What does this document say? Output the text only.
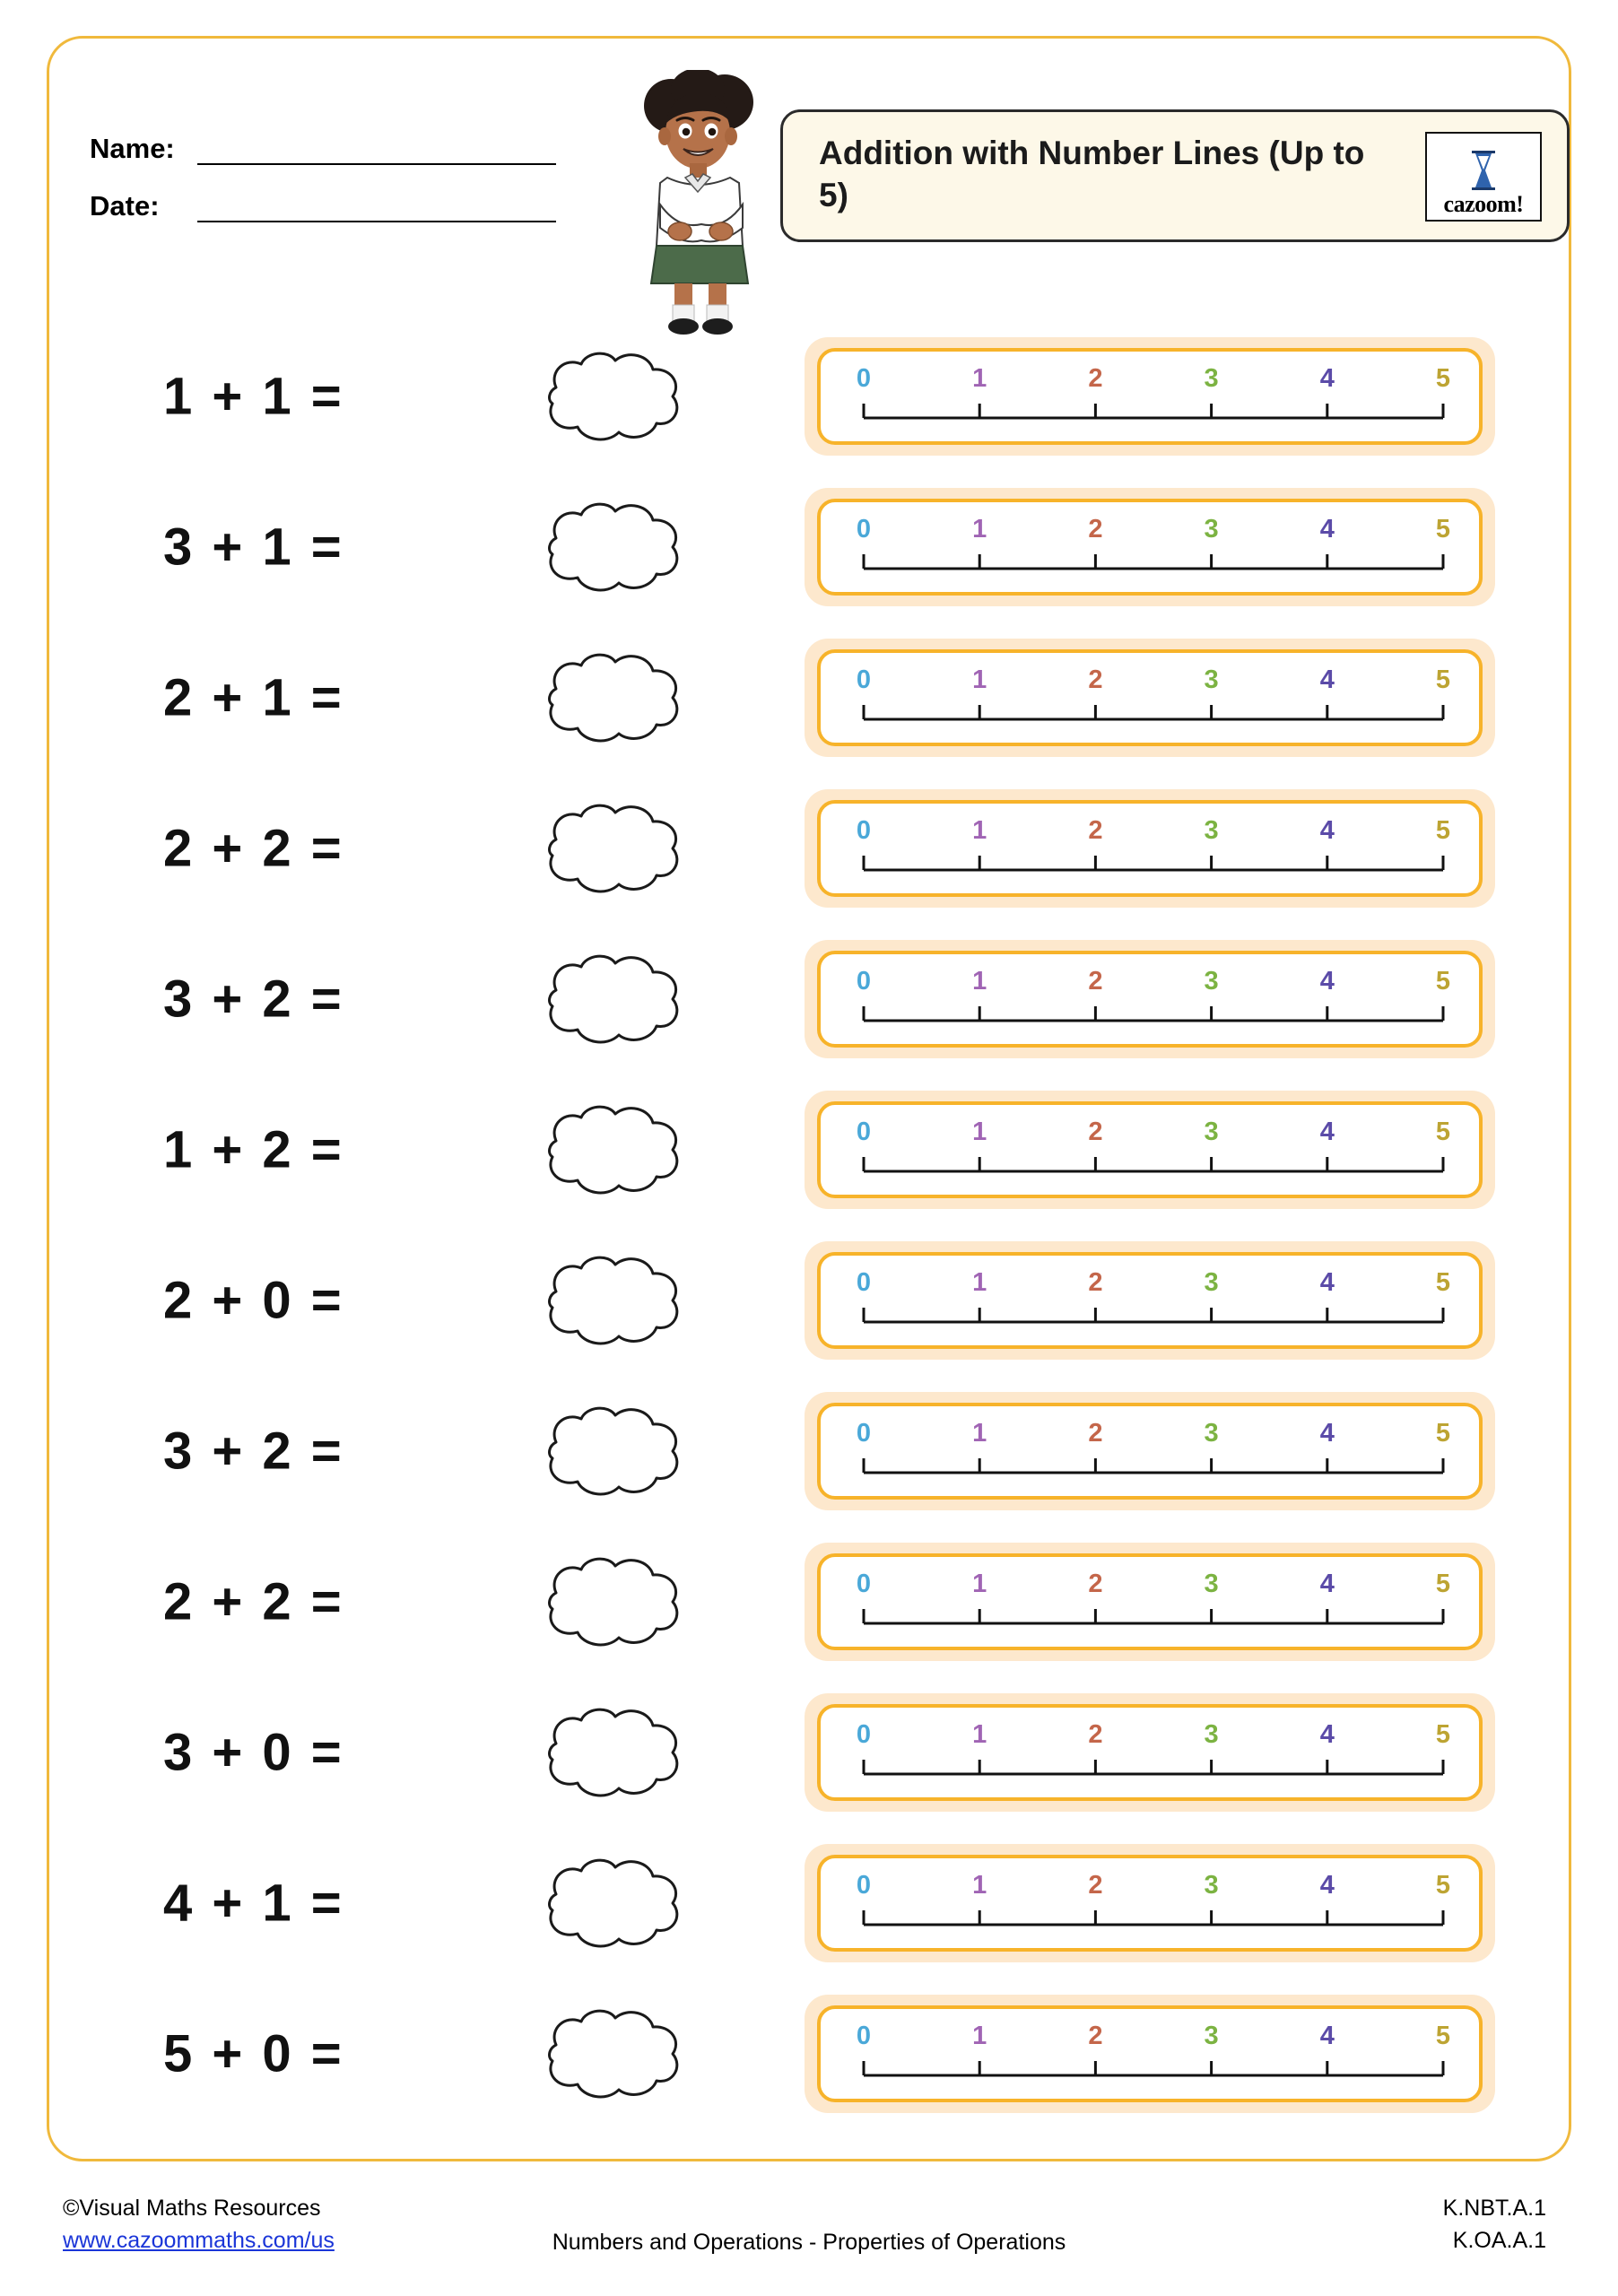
Name:
Date:
Addition with Number Lines (Up to 5)	cazoom!
1 + 1 =	0	1	2	3	4	5
3 + 1 =	0	1	2	3	4	5
2 + 1 =	0	1	2	3	4	5
2 + 2 =	0	1	2	3	4	5
3 + 2 =	0	1	2	3	4	5
1 + 2 =	0	1	2	3	4	5
2 + 0 =	0	1	2	3	4	5
3 + 2 =	0	1	2	3	4	5
2 + 2 =	0	1	2	3	4	5
3 + 0 =	0	1	2	3	4	5
4 + 1 =	0	1	2	3	4	5
5 + 0 =	0	1	2	3	4	5
©Visual Maths Resources
www.cazoommaths.com/us	Numbers and Operations - Properties of Operations
K.NBT.A.1
K.OA.A.1
